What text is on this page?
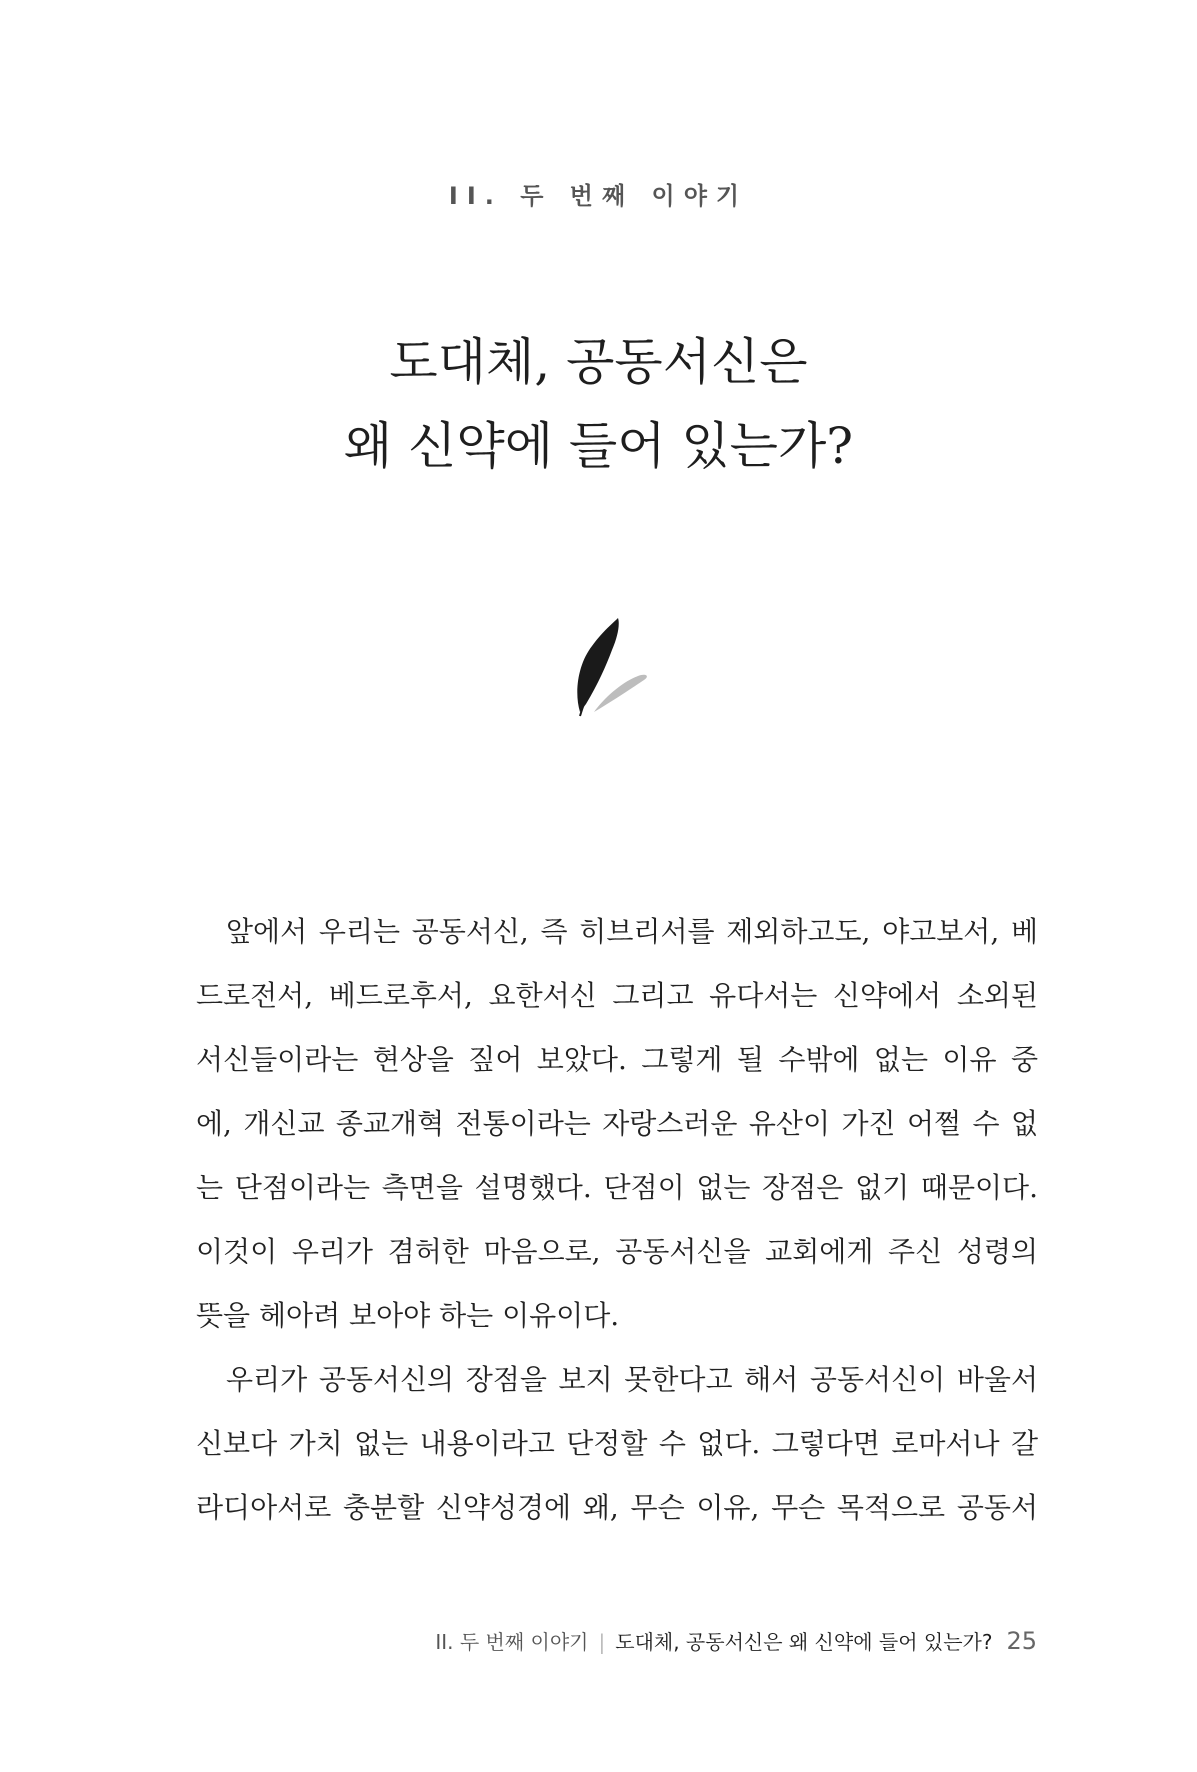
II. 두 번째 이야기
도대체, 공동서신은
왜 신약에 들어 있는가?
앞에서 우리는 공동서신, 즉 히브리서를 제외하고도, 야고보서, 베
드로전서, 베드로후서, 요한서신 그리고 유다서는 신약에서 소외된
서신들이라는 현상을 짚어 보았다. 그렇게 될 수밖에 없는 이유 중
에, 개신교 종교개혁 전통이라는 자랑스러운 유산이 가진 어쩔 수 없
는 단점이라는 측면을 설명했다. 단점이 없는 장점은 없기 때문이다.
이것이 우리가 겸허한 마음으로, 공동서신을 교회에게 주신 성령의
뜻을 헤아려 보아야 하는 이유이다.
우리가 공동서신의 장점을 보지 못한다고 해서 공동서신이 바울서
신보다 가치 없는 내용이라고 단정할 수 없다. 그렇다면 로마서나 갈
라디아서로 충분할 신약성경에 왜, 무슨 이유, 무슨 목적으로 공동서
II. 두 번째 이야기 | 도대체, 공동서신은 왜 신약에 들어 있는가? 25
